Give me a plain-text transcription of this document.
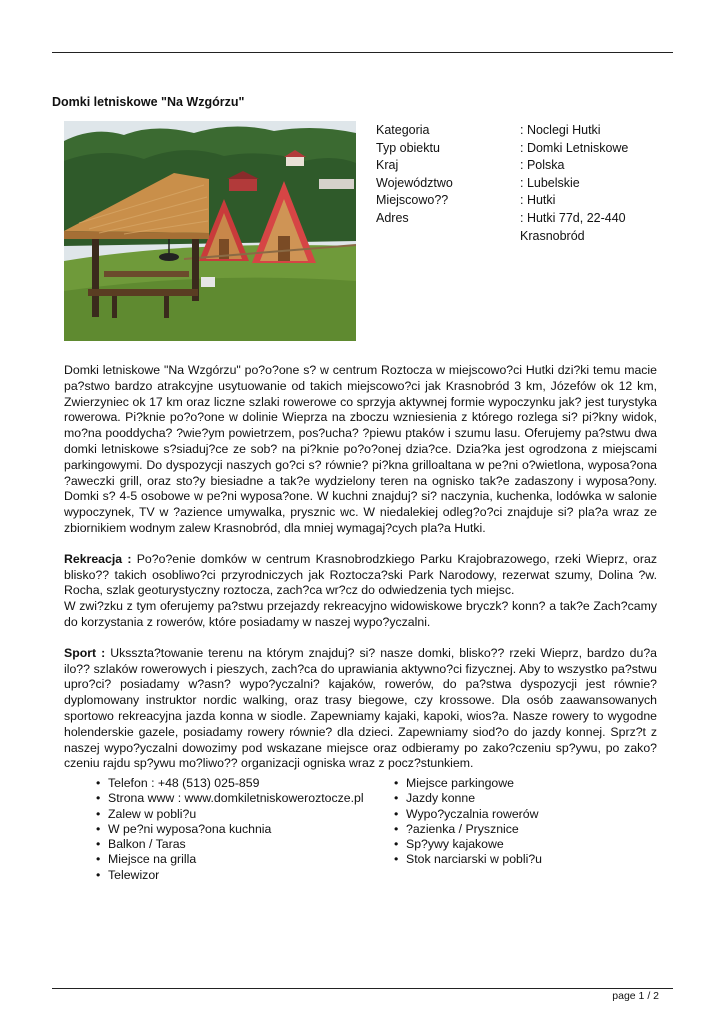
Domki letniskowe "Na Wzgórzu"
Kategoria	: Noclegi Hutki
Typ obiektu	: Domki Letniskowe
Kraj	: Polska
Województwo	: Lubelskie
Miejscowo??	: Hutki
Adres	: Hutki 77d, 22-440 Krasnobród

Domki letniskowe "Na Wzgórzu" po?o?one s? w centrum Roztocza w miejscowo?ci Hutki dzi?ki temu macie pa?stwo bardzo atrakcyjne usytuowanie od takich miejscowo?ci jak Krasnobród 3 km, Józefów ok 12 km, Zwierzyniec ok 17 km oraz liczne szlaki rowerowe co sprzyja aktywnej formie wypoczynku jak? jest turystyka rowerowa. Pi?knie po?o?one w dolinie Wieprza na zboczu wzniesienia z którego rozlega si? pi?kny widok, mo?na pooddycha? ?wie?ym powietrzem, pos?ucha? ?piewu ptaków i szumu lasu. Oferujemy pa?stwu dwa domki letniskowe s?siaduj?ce ze sob? na pi?knie po?o?onej dzia?ce. Dzia?ka jest ogrodzona z miejscami parkingowymi. Do dyspozycji naszych go?ci s? równie? pi?kna grilloaltana w pe?ni o?wietlona, wyposa?ona ?aweczki grill, oraz sto?y biesiadne a tak?e wydzielony teren na ognisko tak?e zadaszony i wyposa?ony. Domki s? 4-5 osobowe w pe?ni wyposa?one. W kuchni znajduj? si? naczynia, kuchenka, lodówka w salonie wypoczynek, TV w ?azience umywalka, prysznic wc. W niedalekiej odleg?o?ci znajduje si? pla?a wraz ze zbiornikiem wodnym zalew Krasnobród, dla mniej wymagaj?cych pla?a Hutki.

Rekreacja : Po?o?enie domków w centrum Krasnobrodzkiego Parku Krajobrazowego, rzeki Wieprz, oraz blisko?? takich osobliwo?ci przyrodniczych jak Roztocza?ski Park Narodowy, rezerwat szumy, Dolina ?w. Rocha, szlak geoturystyczny roztocza, zach?ca wr?cz do odwiedzenia tych miejsc.
W zwi?zku z tym oferujemy pa?stwu przejazdy rekreacyjno widowiskowe bryczk? konn? a tak?e Zach?camy do korzystania z rowerów, które posiadamy w naszej wypo?yczalni.

Sport : Uksszta?towanie terenu na którym znajduj? si? nasze domki, blisko?? rzeki Wieprz, bardzo du?a ilo?? szlaków rowerowych i pieszych, zach?ca do uprawiania aktywno?ci fizycznej. Aby to wszystko pa?stwu upro?ci? posiadamy w?asn? wypo?yczalni? kajaków, rowerów, do pa?stwa dyspozycji jest równie? dyplomowany instruktor nordic walking, oraz trasy biegowe, czy krossowe. Dla osób zaawansowanych sportowo rekreacyjna jazda konna w siodle. Zapewniamy kajaki, kapoki, wios?a. Nasze rowery to wygodne holenderskie gazele, posiadamy rowery równie? dla dzieci. Zapewniamy siod?o do jazdy konnej. Sprz?t z naszej wypo?yczalni dowozimy pod wskazane miejsce oraz odbieramy po zako?czeniu sp?ywu, po zako?czeniu rajdu sp?ywu mo?liwo?? organizacji ogniska wraz z pocz?stunkiem.

• Telefon : +48 (513) 025-859
• Strona www : www.domkiletniskoweroztocze.pl
• Zalew w pobli?u
• W pe?ni wyposa?ona kuchnia
• Balkon / Taras
• Miejsce na grilla
• Telewizor
• Miejsce parkingowe
• Jazdy konne
• Wypo?yczalnia rowerów
• ?azienka / Prysznice
• Sp?ywy kajakowe
• Stok narciarski w pobli?u
page 1 / 2
